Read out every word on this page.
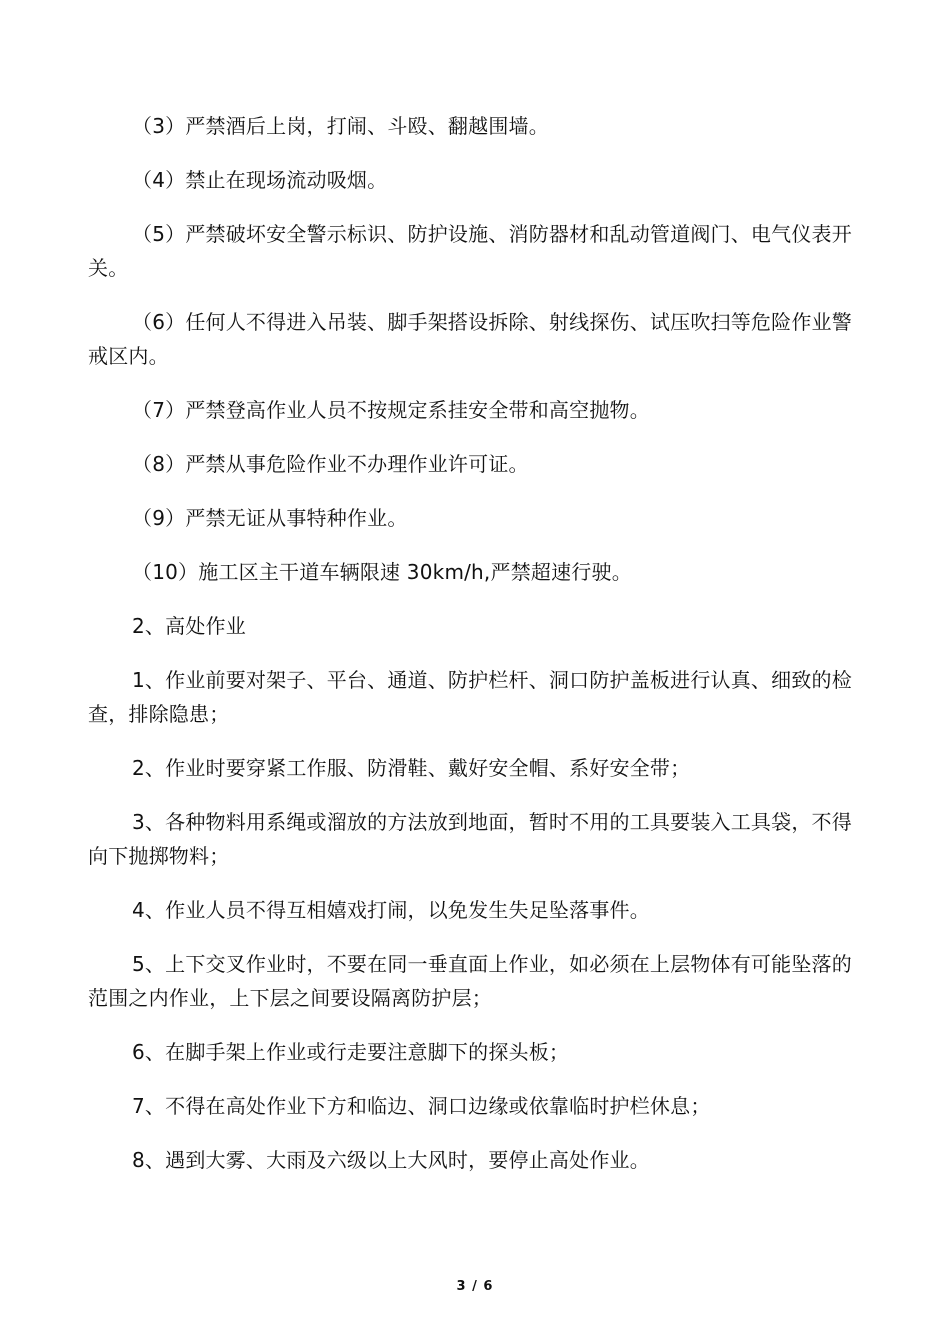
（3）严禁酒后上岗，打闹、斗殴、翻越围墙。

（4）禁止在现场流动吸烟。

（5）严禁破坏安全警示标识、防护设施、消防器材和乱动管道阀门、电气仪表开关。

（6）任何人不得进入吊装、脚手架搭设拆除、射线探伤、试压吹扫等危险作业警戒区内。

（7）严禁登高作业人员不按规定系挂安全带和高空抛物。

（8）严禁从事危险作业不办理作业许可证。

（9）严禁无证从事特种作业。

（10）施工区主干道车辆限速 30km/h,严禁超速行驶。

2、高处作业

1、作业前要对架子、平台、通道、防护栏杆、洞口防护盖板进行认真、细致的检查，排除隐患；

2、作业时要穿紧工作服、防滑鞋、戴好安全帽、系好安全带；

3、各种物料用系绳或溜放的方法放到地面，暂时不用的工具要装入工具袋，不得向下抛掷物料；

4、作业人员不得互相嬉戏打闹，以免发生失足坠落事件。

5、上下交叉作业时，不要在同一垂直面上作业，如必须在上层物体有可能坠落的范围之内作业，上下层之间要设隔离防护层；

6、在脚手架上作业或行走要注意脚下的探头板；

7、不得在高处作业下方和临边、洞口边缘或依靠临时护栏休息；

8、遇到大雾、大雨及六级以上大风时，要停止高处作业。

3 / 6
